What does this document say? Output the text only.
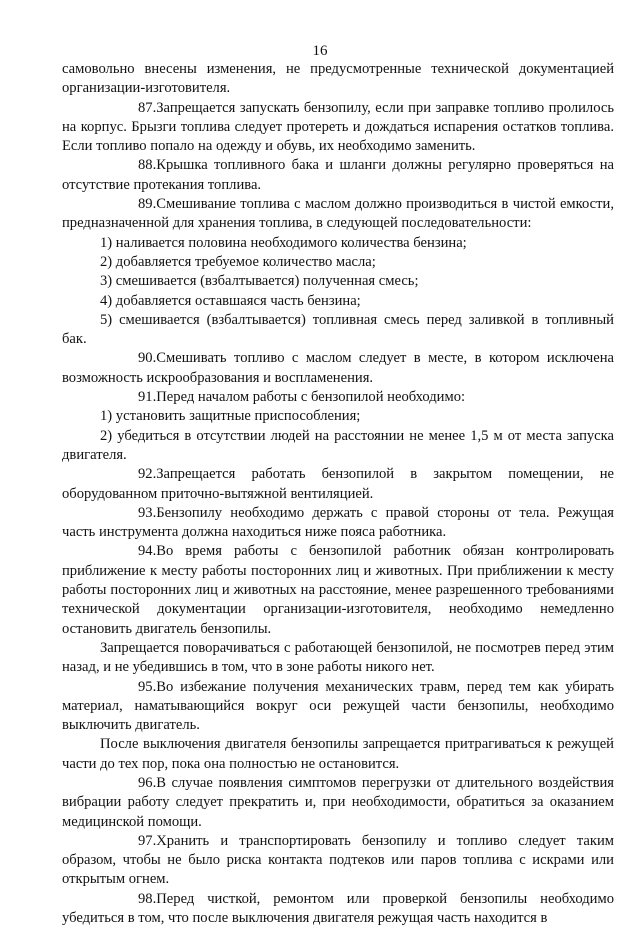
16

самовольно внесены изменения, не предусмотренные технической документацией организации-изготовителя.

87.Запрещается запускать бензопилу, если при заправке топливо пролилось на корпус. Брызги топлива следует протереть и дождаться испарения остатков топлива. Если топливо попало на одежду и обувь, их необходимо заменить.

88.Крышка топливного бака и шланги должны регулярно проверяться на отсутствие протекания топлива.

89.Смешивание топлива с маслом должно производиться в чистой емкости, предназначенной для хранения топлива, в следующей последовательности:

1) наливается половина необходимого количества бензина;

2) добавляется требуемое количество масла;

3) смешивается (взбалтывается) полученная смесь;

4) добавляется оставшаяся часть бензина;

5) смешивается (взбалтывается) топливная смесь перед заливкой в топливный бак.

90.Смешивать топливо с маслом следует в месте, в котором исключена возможность искрообразования и воспламенения.

91.Перед началом работы с бензопилой необходимо:

1) установить защитные приспособления;

2) убедиться в отсутствии людей на расстоянии не менее 1,5 м от места запуска двигателя.

92.Запрещается работать бензопилой в закрытом помещении, не оборудованном приточно-вытяжной вентиляцией.

93.Бензопилу необходимо держать с правой стороны от тела. Режущая часть инструмента должна находиться ниже пояса работника.

94.Во время работы с бензопилой работник обязан контролировать приближение к месту работы посторонних лиц и животных. При приближении к месту работы посторонних лиц и животных на расстояние, менее разрешенного требованиями технической документации организации-изготовителя, необходимо немедленно остановить двигатель бензопилы.

Запрещается поворачиваться с работающей бензопилой, не посмотрев перед этим назад, и не убедившись в том, что в зоне работы никого нет.

95.Во избежание получения механических травм, перед тем как убирать материал, наматывающийся вокруг оси режущей части бензопилы, необходимо выключить двигатель.

После выключения двигателя бензопилы запрещается притрагиваться к режущей части до тех пор, пока она полностью не остановится.

96.В случае появления симптомов перегрузки от длительного воздействия вибрации работу следует прекратить и, при необходимости, обратиться за оказанием медицинской помощи.

97.Хранить и транспортировать бензопилу и топливо следует таким образом, чтобы не было риска контакта подтеков или паров топлива с искрами или открытым огнем.

98.Перед чисткой, ремонтом или проверкой бензопилы необходимо убедиться в том, что после выключения двигателя режущая часть находится в
